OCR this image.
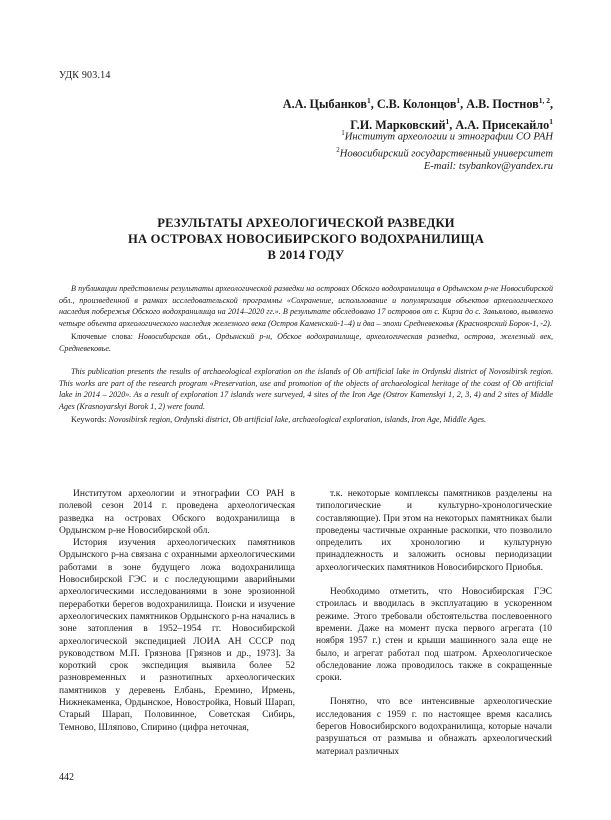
УДК 903.14
А.А. Цыбанков$^1$, С.В. Колонцов$^1$, А.В. Постнов$^{1, 2}$,
Г.И. Марковский$^1$, А.А. Присекайло$^1$
$^1$Институт археологии и этнографии СО РАН
$^2$Новосибирский государственный университет
E-mail: tsybankov@yandex.ru
РЕЗУЛЬТАТЫ АРХЕОЛОГИЧЕСКОЙ РАЗВЕДКИ
НА ОСТРОВАХ НОВОСИБИРСКОГО ВОДОХРАНИЛИЩА
В 2014 ГОДУ

В публикации представлены результаты археологической разведки на островах Обского водохранилища в Ордынском р-не Новосибирской обл., произведенной в рамках исследовательской программы «Сохранение, использование и популяризация объектов археологического наследия побережья Обского водохранилища на 2014–2020 гг.». В результате обследовано 17 островов от с. Кирза до с. Завьялово, выявлено четыре объекта археологического наследия железного века (Остров Каменский-1–4) и два – эпохи Средневековья (Красноярский Борок-1, -2).

Ключевые слова: Новосибирская обл., Ордынский р-н, Обское водохранилище, археологическая разведка, острова, железный век, Средневековье.

This publication presents the results of archaeological exploration on the islands of Ob artificial lake in Ordynski district of Novosibirsk region. This works are part of the research program «Preservation, use and promotion of the objects of archaeological heritage of the coast of Ob artificial lake in 2014 – 2020». As a result of exploration 17 islands were surveyed, 4 sites of the Iron Age (Ostrov Kamenskyi 1, 2, 3, 4) and 2 sites of Middle Ages (Krasnoyarskyi Borok 1, 2) were found.

Keywords: Novosibirsk region, Ordynski district, Ob artificial lake, archaeological exploration, islands, Iron Age, Middle Ages.

Институтом археологии и этнографии СО РАН в полевой сезон 2014 г. проведена археологическая разведка на островах Обского водохранилища в Ордынском р-не Новосибирской обл.

История изучения археологических памятников Ордынского р-на связана с охранными археологическими работами в зоне будущего ложа водохранилища Новосибирской ГЭС и с последующими аварийными археологическими исследованиями в зоне эрозионной переработки берегов водохранилища. Поиски и изучение археологических памятников Ордынского р-на начались в зоне затопления в 1952–1954 гг. Новосибирской археологической экспедицией ЛОИА АН СССР под руководством М.П. Грязнова [Грязнов и др., 1973]. За короткий срок экспедиция выявила более 52 разновременных и разнотипных археологических памятников у деревень Елбань, Еремино, Ирмень, Нижнекаменка, Ордынское, Новостройка, Новый Шарап, Старый Шарап, Половинное, Советская Сибирь, Темново, Шляпово, Спирино (цифра неточная,

т.к. некоторые комплексы памятников разделены на типологические и культурно-хронологические составляющие). При этом на некоторых памятниках были проведены частичные охранные раскопки, что позволило определить их хронологию и культурную принадлежность и заложить основы периодизации археологических памятников Новосибирского Приобья.

Необходимо отметить, что Новосибирская ГЭС строилась и вводилась в эксплуатацию в ускоренном режиме. Этого требовали обстоятельства послевоенного времени. Даже на момент пуска первого агрегата (10 ноября 1957 г.) стен и крыши машинного зала еще не было, и агрегат работал под шатром. Археологическое обследование ложа проводилось также в сокращенные сроки.

Понятно, что все интенсивные археологические исследования с 1959 г. по настоящее время касались берегов Новосибирского водохранилища, которые начали разрушаться от размыва и обнажать археологический материал различных

442
